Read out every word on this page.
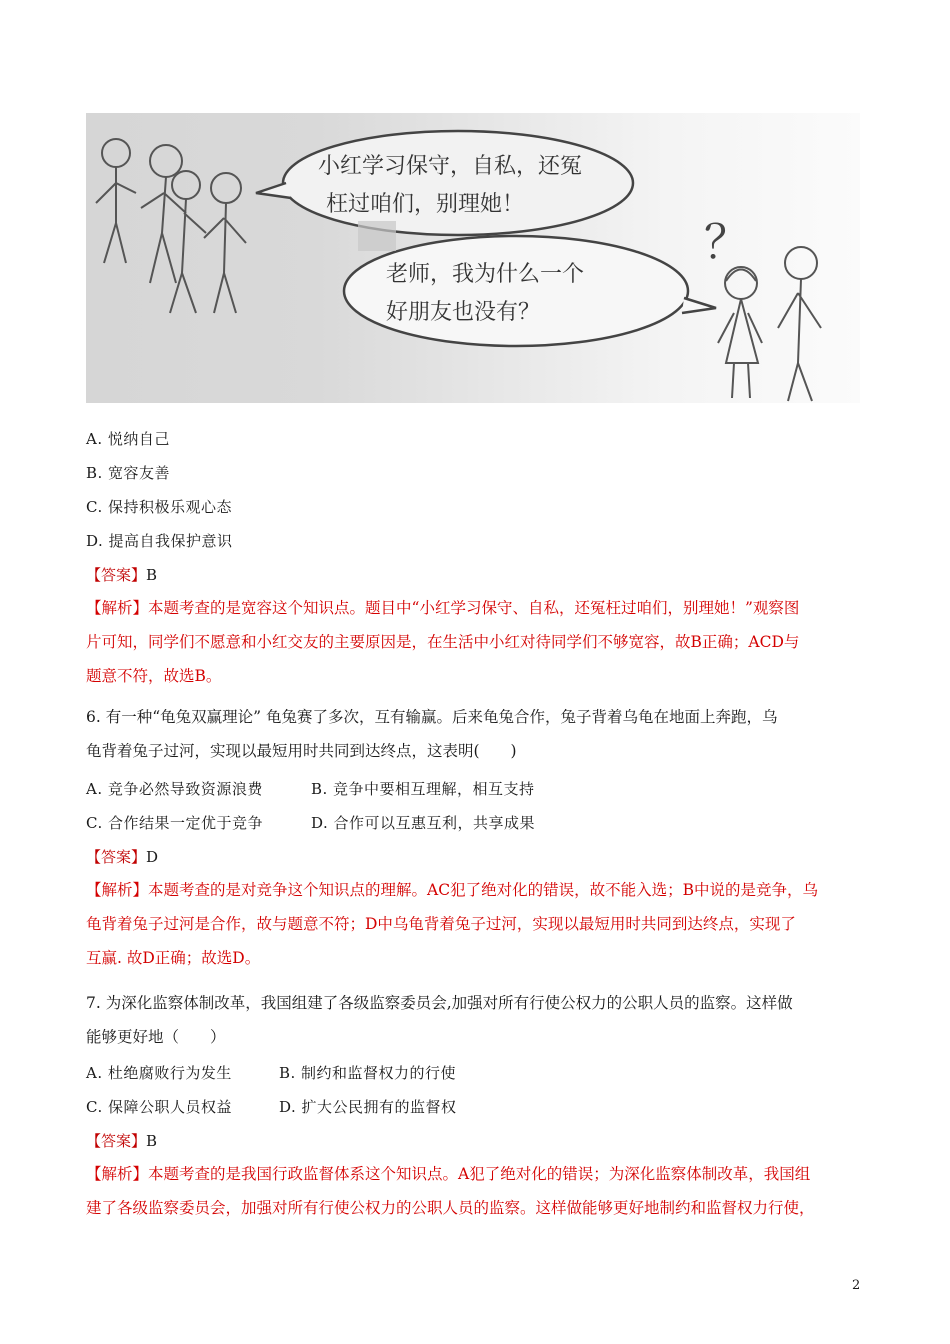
小红学习保守，自私，还冤
枉过咱们，别理她！
老师，我为什么一个
好朋友也没有？
？
A. 悦纳自己
B. 宽容友善
C. 保持积极乐观心态
D. 提高自我保护意识
【答案】B
【解析】本题考查的是宽容这个知识点。题目中“小红学习保守、自私，还冤枉过咱们，别理她！”观察图
片可知，同学们不愿意和小红交友的主要原因是，在生活中小红对待同学们不够宽容，故B正确；ACD与
题意不符，故选B。
6. 有一种“龟兔双赢理论” 龟兔赛了多次，互有输赢。后来龟兔合作，兔子背着乌龟在地面上奔跑，乌
龟背着兔子过河，实现以最短用时共同到达终点，这表明(　　)
A. 竞争必然导致资源浪费	B. 竞争中要相互理解，相互支持
C. 合作结果一定优于竞争	D. 合作可以互惠互利，共享成果
【答案】D
【解析】本题考查的是对竞争这个知识点的理解。AC犯了绝对化的错误，故不能入选；B中说的是竞争，乌
龟背着兔子过河是合作，故与题意不符；D中乌龟背着兔子过河，实现以最短用时共同到达终点，实现了
互赢. 故D正确；故选D。
7. 为深化监察体制改革，我国组建了各级监察委员会,加强对所有行使公权力的公职人员的监察。这样做
能够更好地（　　）
A. 杜绝腐败行为发生	B. 制约和监督权力的行使
C. 保障公职人员权益	D. 扩大公民拥有的监督权
【答案】B
【解析】本题考查的是我国行政监督体系这个知识点。A犯了绝对化的错误；为深化监察体制改革，我国组
建了各级监察委员会，加强对所有行使公权力的公职人员的监察。这样做能够更好地制约和监督权力行使，
2
